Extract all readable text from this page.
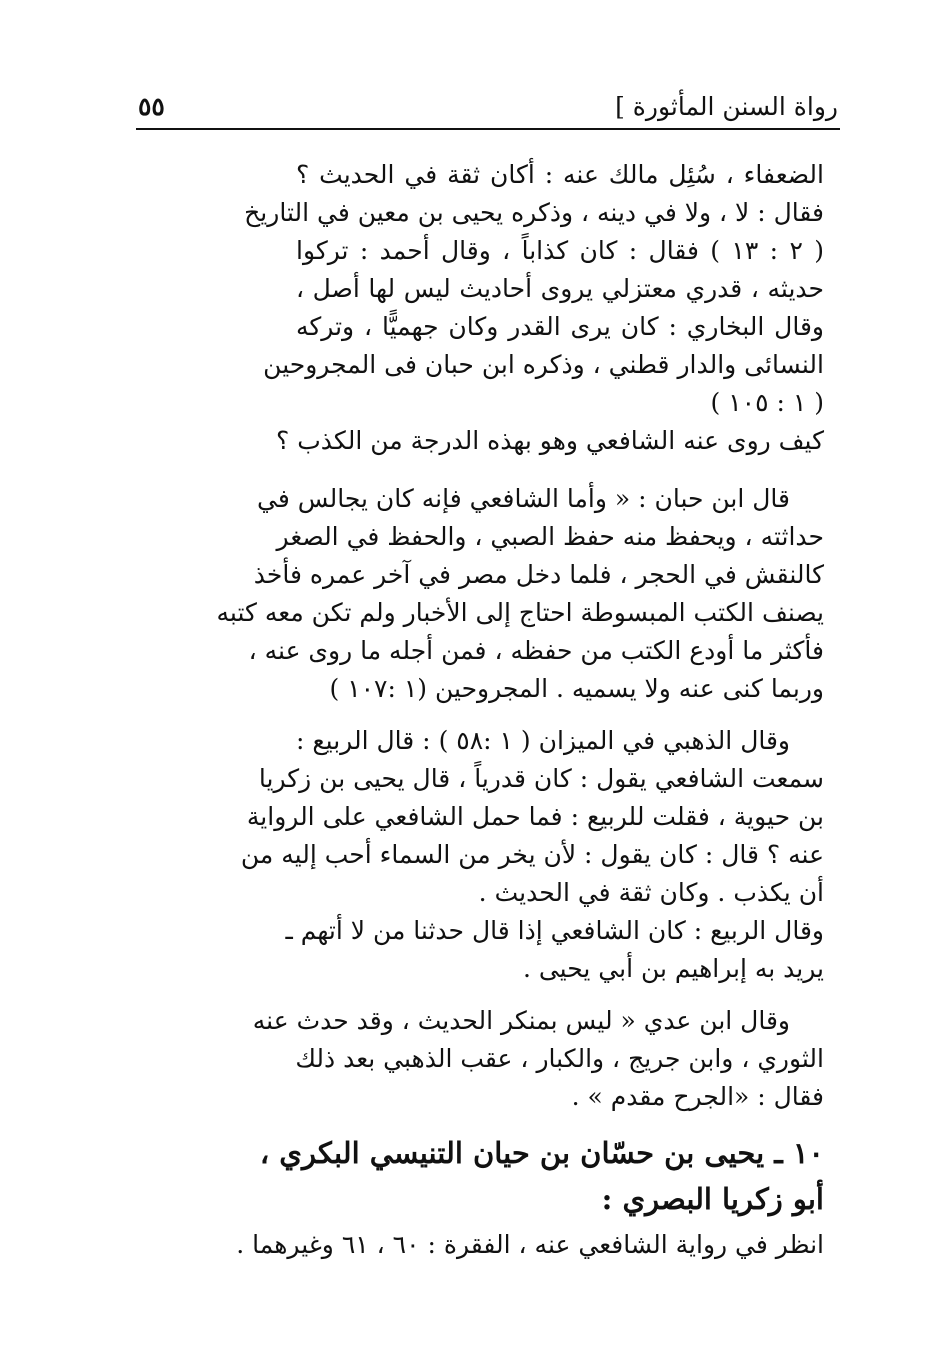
رواة السنن المأثورة ]
٥٥
الضعفاء ، سُئِل مالك عنه : أكان ثقة في الحديث ؟
فقال : لا ، ولا في دينه ، وذكره يحيى بن معين في التاريخ
( ٢ : ١٣ ) فقال : كان كذاباً ، وقال أحمد : تركوا
حديثه ، قدري معتزلي يروى أحاديث ليس لها أصل ،
وقال البخاري : كان يرى القدر وكان جهميًّا ، وتركه
النسائى والدار قطني ، وذكره ابن حبان فى المجروحين
( ١ : ١٠٥ )
كيف روى عنه الشافعي وهو بهذه الدرجة من الكذب ؟
قال ابن حبان : « وأما الشافعي فإنه كان يجالس في
حداثته ، ويحفظ منه حفظ الصبي ، والحفظ في الصغر
كالنقش في الحجر ، فلما دخل مصر في آخر عمره فأخذ
يصنف الكتب المبسوطة احتاج إلى الأخبار ولم تكن معه كتبه
فأكثر ما أودع الكتب من حفظه ، فمن أجله ما روى عنه ،
وربما كنى عنه ولا يسميه . المجروحين (١ :١٠٧ )
وقال الذهبي في الميزان ( ١ :٥٨ ) : قال الربيع :
سمعت الشافعي يقول : كان قدرياً ، قال يحيى بن زكريا
بن حيوية ، فقلت للربيع : فما حمل الشافعي على الرواية
عنه ؟ قال : كان يقول : لأن يخر من السماء أحب إليه من
أن يكذب . وكان ثقة في الحديث .
وقال الربيع : كان الشافعي إذا قال حدثنا من لا أتهم ـ
يريد به إبراهيم بن أبي يحيى .
وقال ابن عدي « ليس بمنكر الحديث ، وقد حدث عنه
الثوري ، وابن جريج ، والكبار ، عقب الذهبي بعد ذلك
فقال : «الجرح مقدم » .
١٠ ـ يحيى بن حسّان بن حيان التنيسي البكري ،
أبو زكريا البصري :
انظر في رواية الشافعي عنه ، الفقرة : ٦٠ ، ٦١ وغيرهما .
